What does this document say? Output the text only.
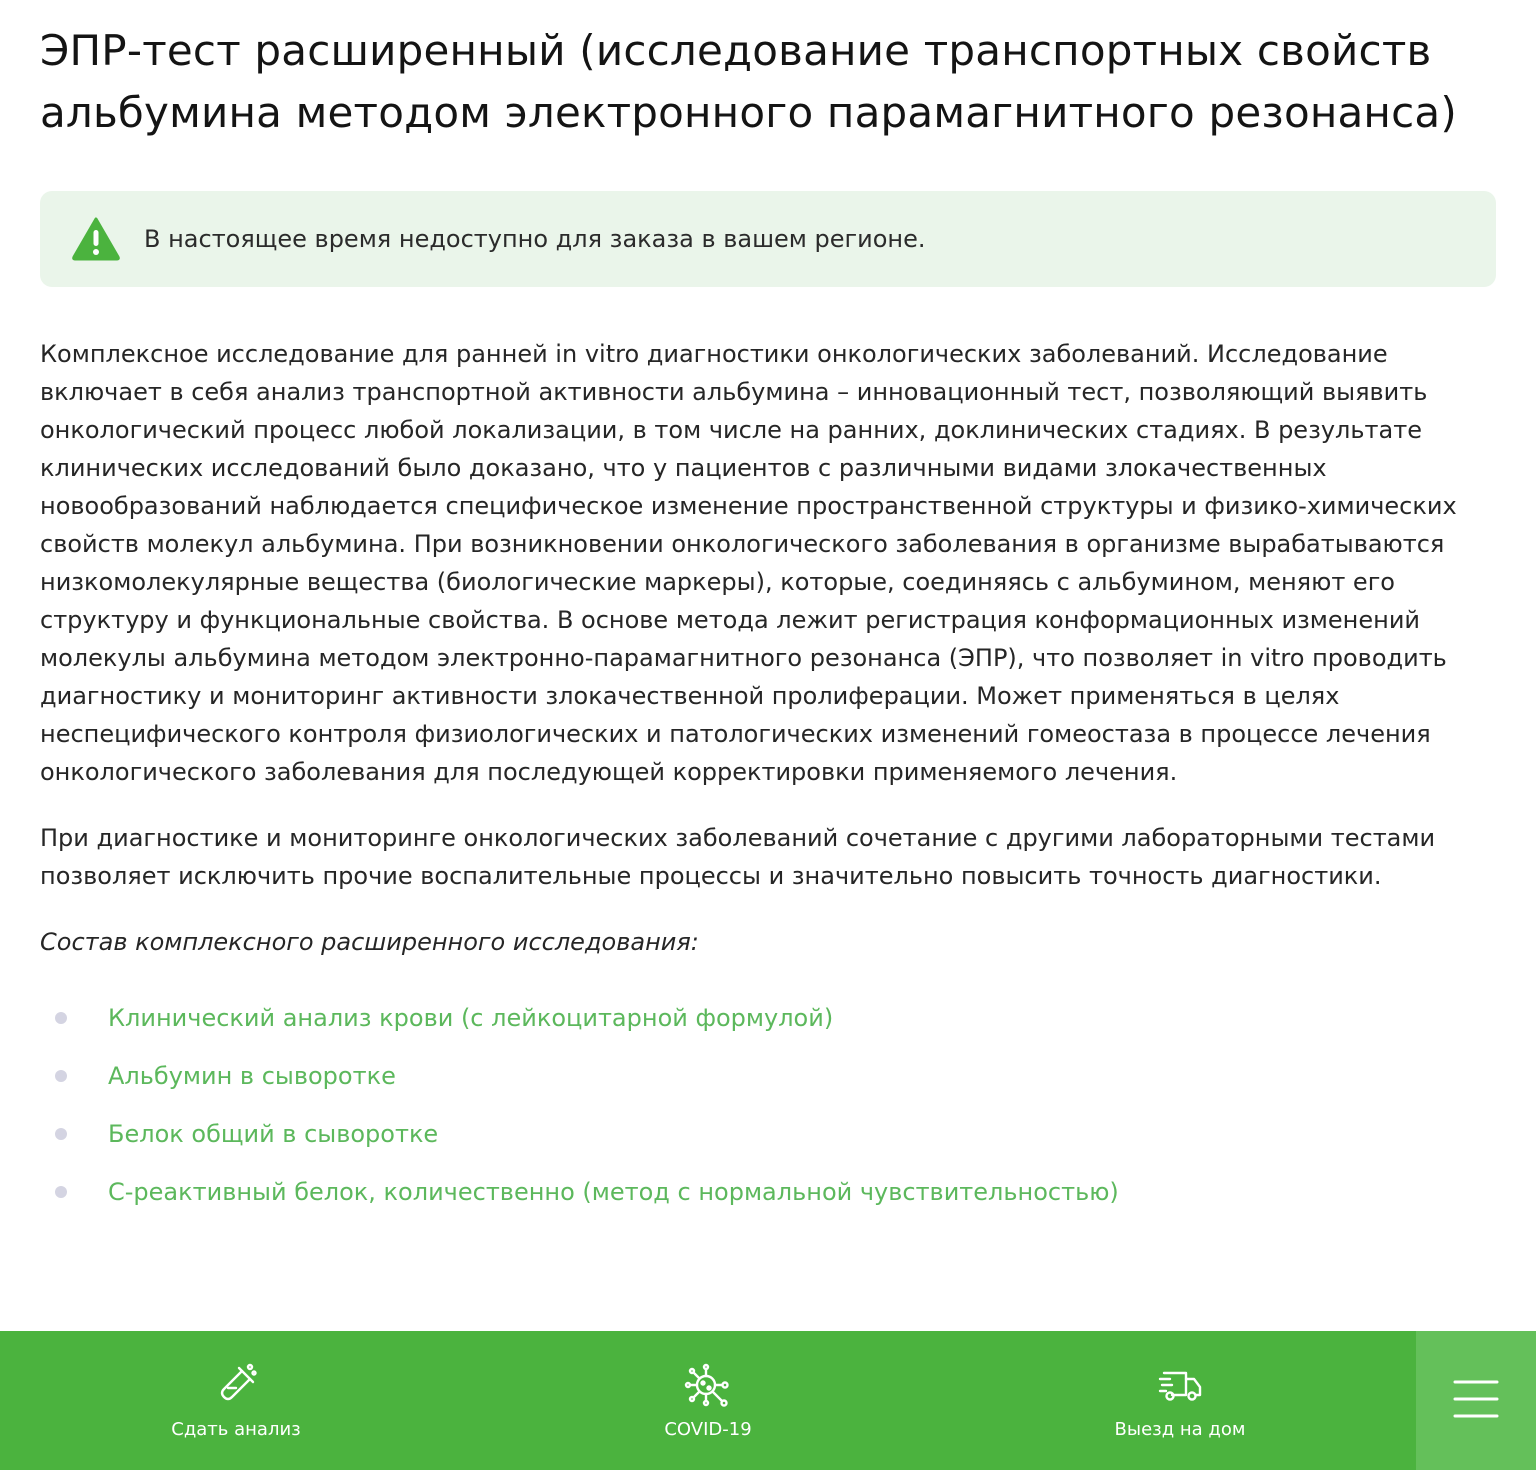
ЭПР-тест расширенный (исследование транспортных свойств альбумина методом электронного парамагнитного резонанса)
В настоящее время недоступно для заказа в вашем регионе.

Комплексное исследование для ранней in vitro диагностики онкологических заболеваний. Исследование включает в себя анализ транспортной активности альбумина – инновационный тест, позволяющий выявить онкологический процесс любой локализации, в том числе на ранних, доклинических стадиях. В результате клинических исследований было доказано, что у пациентов с различными видами злокачественных новообразований наблюдается специфическое изменение пространственной структуры и физико-химических свойств молекул альбумина. При возникновении онкологического заболевания в организме вырабатываются низкомолекулярные вещества (биологические маркеры), которые, соединяясь с альбумином, меняют его структуру и функциональные свойства. В основе метода лежит регистрация конформационных изменений молекулы альбумина методом электронно-парамагнитного резонанса (ЭПР), что позволяет in vitro проводить диагностику и мониторинг активности злокачественной пролиферации. Может применяться в целях неспецифического контроля физиологических и патологических изменений гомеостаза в процессе лечения онкологического заболевания для последующей корректировки применяемого лечения.

При диагностике и мониторинге онкологических заболеваний сочетание с другими лабораторными тестами позволяет исключить прочие воспалительные процессы и значительно повысить точность диагностики.

Состав комплексного расширенного исследования:

Клинический анализ крови (с лейкоцитарной формулой)
Альбумин в сыворотке
Белок общий в сыворотке
С-реактивный белок, количественно (метод с нормальной чувствительностью)
Сдать анализ	COVID-19	Выезд на дом
